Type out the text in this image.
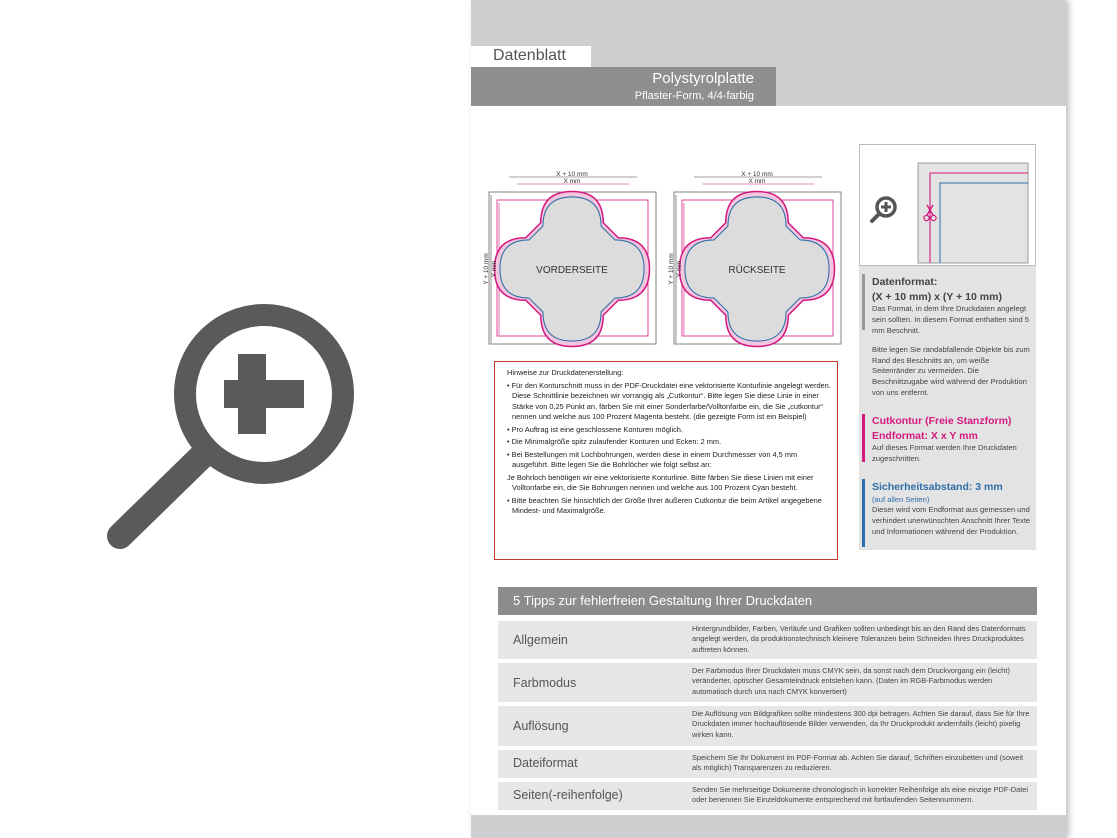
Datenblatt
Polystyrolplatte
Pflaster-Form, 4/4-farbig
VORDERSEITE
X + 10 mm
X mm
Y + 10 mm Y mm	RÜCKSEITE
X + 10 mm
X mm
Y + 10 mm Y mm
Hinweise zur Druckdatenerstellung:
• Für den Konturschnitt muss in der PDF-Druckdatei eine vektorisierte Konturlinie angelegt werden. Diese Schnittlinie bezeichnen wir vorrangig als „Cutkontur“. Bitte legen Sie diese Linie in einer Stärke von 0,25 Punkt an, färben Sie mit einer Sonderfarbe/Volltonfarbe ein, die Sie „cutkontur“ nennen und welche aus 100 Prozent Magenta besteht. (die gezeigte Form ist ein Beispiel)
• Pro Auftrag ist eine geschlossene Konturen möglich.
• Die Minimalgröße spitz zulaufender Konturen und Ecken: 2 mm.
• Bei Bestellungen mit Lochbohrungen, werden diese in einem Durchmesser von 4,5 mm ausgeführt. Bitte legen Sie die Bohrlöcher wie folgt selbst an:
Je Bohrloch benötigen wir eine vektorisierte Konturlinie. Bitte färben Sie diese Linien mit einer Volltonfarbe ein, die Sie Bohrungen nennen und welche aus 100 Prozent Cyan besteht.
• Bitte beachten Sie hinsichtlich der Größe Ihrer äußeren Cutkontur die beim Artikel angegebene Mindest- und Maximalgröße.
Datenformat:
(X + 10 mm) x (Y + 10 mm)
Das Format, in dem Ihre Druckdaten angelegt sein sollten. In diesem Format enthalten sind 5 mm Beschnitt.
Bitte legen Sie randabfallende Objekte bis zum Rand des Beschnitts an, um weiße Seitenränder zu vermeiden. Die Beschnittzugabe wird während der Produktion von uns entfernt.
Cutkontur (Freie Stanzform)
Endformat: X x Y mm
Auf dieses Format werden Ihre Druckdaten zugeschnitten.
Sicherheitsabstand: 3 mm
(auf allen Seiten)
Dieser wird vom Endformat aus gemessen und verhindert unerwünschten Anschnitt Ihrer Texte und Informationen während der Produktion.
5 Tipps zur fehlerfreien Gestaltung Ihrer Druckdaten
Allgemein
Hintergrundbilder, Farben, Verläufe und Grafiken sollten unbedingt bis an den Rand des Datenformats angelegt werden, da produktionstechnisch kleinere Toleranzen beim Schneiden Ihres Druckproduktes auftreten können.
Farbmodus
Der Farbmodus Ihrer Druckdaten muss CMYK sein, da sonst nach dem Druckvorgang ein (leicht) veränderter, optischer Gesamteindruck entstehen kann. (Daten im RGB-Farbmodus werden automatisch durch uns nach CMYK konvertiert)
Auflösung
Die Auflösung von Bildgrafiken sollte mindestens 300 dpi betragen. Achten Sie darauf, dass Sie für Ihre Druckdaten immer hochauflösende Bilder verwenden, da Ihr Druckprodukt andernfalls (leicht) pixelig wirken kann.
Dateiformat	Speichern Sie Ihr Dokument im PDF-Format ab. Achten Sie darauf, Schriften einzubetten und (soweit als möglich) Transparenzen zu reduzieren.
Seiten(-reihenfolge)	Senden Sie mehrseitige Dokumente chronologisch in korrekter Reihenfolge als eine einzige PDF-Datei oder benennen Sie Einzeldokumente entsprechend mit fortlaufenden Seitennummern.
